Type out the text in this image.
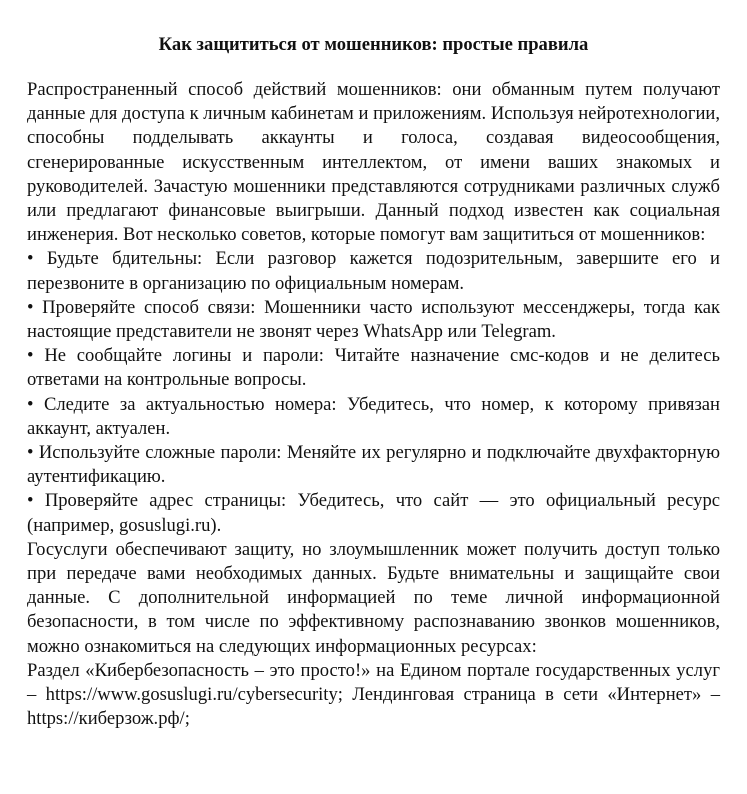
Как защититься от мошенников: простые правила

Распространенный способ действий мошенников: они обманным путем получают данные для доступа к личным кабинетам и приложениям. Используя нейротехнологии, способны подделывать аккаунты и голоса, создавая видеосообщения, сгенерированные искусственным интеллектом, от имени ваших знакомых и руководителей. Зачастую мошенники представляются сотрудниками различных служб или предлагают финансовые выигрыши. Данный подход известен как социальная инженерия. Вот несколько советов, которые помогут вам защититься от мошенников:

• Будьте бдительны: Если разговор кажется подозрительным, завершите его и перезвоните в организацию по официальным номерам.

• Проверяйте способ связи: Мошенники часто используют мессенджеры, тогда как настоящие представители не звонят через WhatsApp или Telegram.

• Не сообщайте логины и пароли: Читайте назначение смс-кодов и не делитесь ответами на контрольные вопросы.

• Следите за актуальностью номера: Убедитесь, что номер, к которому привязан аккаунт, актуален.

• Используйте сложные пароли: Меняйте их регулярно и подключайте двухфакторную аутентификацию.

• Проверяйте адрес страницы: Убедитесь, что сайт — это официальный ресурс (например, gosuslugi.ru).

Госуслуги обеспечивают защиту, но злоумышленник может получить доступ только при передаче вами необходимых данных. Будьте внимательны и защищайте свои данные. С дополнительной информацией по теме личной информационной безопасности, в том числе по эффективному распознаванию звонков мошенников, можно ознакомиться на следующих информационных ресурсах:

Раздел «Кибербезопасность – это просто!» на Едином портале государственных услуг – https://www.gosuslugi.ru/cybersecurity; Лендинговая страница в сети «Интернет» – https://киберзож.рф/;
